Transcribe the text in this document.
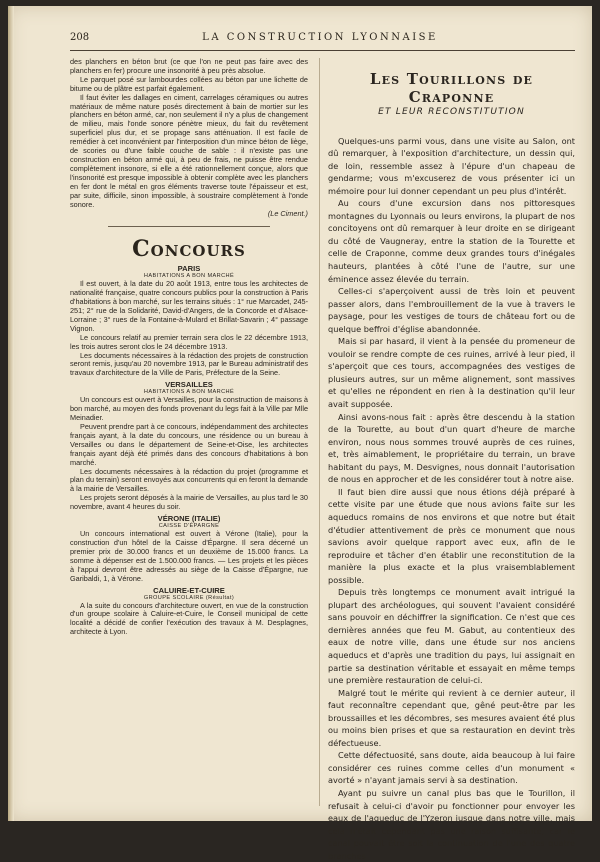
208	LA CONSTRUCTION LYONNAISE

des planchers en béton brut (ce que l'on ne peut pas faire avec des planchers en fer) procure une insonorité à peu près absolue.

Le parquet posé sur lambourdes collées au béton par une lichette de bitume ou de plâtre est parfait également.

Il faut éviter les dallages en ciment, carrelages céramiques ou autres matériaux de même nature posés directement à bain de mortier sur les planchers en béton armé, car, non seulement il n'y a plus de changement de milieu, mais l'onde sonore pénètre mieux, du fait du revêtement superficiel plus dur, et se propage sans atténuation. Il est facile de remédier à cet inconvénient par l'interposition d'un mince béton de liège, de scories ou d'une faible couche de sable : il n'existe pas une construction en béton armé qui, à peu de frais, ne puisse être rendue complètement insonore, si elle a été rationnellement conçue, alors que l'insonorité est presque impossible à obtenir complète avec les planchers en fer dont le métal en gros éléments traverse toute l'épaisseur et est, par suite, difficile, sinon impossible, à soustraire complètement à l'onde sonore.

(Le Ciment.)
Concours
PARIS
HABITATIONS A BON MARCHÉ

Il est ouvert, à la date du 20 août 1913, entre tous les architectes de nationalité française, quatre concours publics pour la construction à Paris d'habitations à bon marché, sur les terrains situés : 1° rue Marcadet, 245-251; 2° rue de la Solidarité, David-d'Angers, de la Concorde et d'Alsace-Lorraine ; 3° rues de la Fontaine-à-Mulard et Brillat-Savarin ; 4° passage Vignon.

Le concours relatif au premier terrain sera clos le 22 décembre 1913, les trois autres seront clos le 24 décembre 1913.

Les documents nécessaires à la rédaction des projets de construction seront remis, jusqu'au 20 novembre 1913, par le Bureau administratif des travaux d'architecture de la Ville de Paris, Préfecture de la Seine.

VERSAILLES
HABITATIONS A BON MARCHÉ

Un concours est ouvert à Versailles, pour la construction de maisons à bon marché, au moyen des fonds provenant du legs fait à la Ville par Mlle Meinadier.

Peuvent prendre part à ce concours, indépendamment des architectes français ayant, à la date du concours, une résidence ou un bureau à Versailles ou dans le département de Seine-et-Oise, les architectes français ayant déjà été primés dans des concours d'habitations à bon marché.

Les documents nécessaires à la rédaction du projet (programme et plan du terrain) seront envoyés aux concurrents qui en feront la demande à la mairie de Versailles.

Les projets seront déposés à la mairie de Versailles, au plus tard le 30 novembre, avant 4 heures du soir.

VÉRONE (ITALIE)
CAISSE D'ÉPARGNE

Un concours international est ouvert à Vérone (Italie), pour la construction d'un hôtel de la Caisse d'Épargne. Il sera décerné un premier prix de 30.000 francs et un deuxième de 15.000 francs. La somme à dépenser est de 1.500.000 francs. — Les projets et les pièces à l'appui devront être adressés au siège de la Caisse d'Épargne, rue Garibaldi, 1, à Vérone.

CALUIRE-ET-CUIRE
GROUPE SCOLAIRE (Résultat)

A la suite du concours d'architecture ouvert, en vue de la construction d'un groupe scolaire à Caluire-et-Cuire, le Conseil municipal de cette localité a décidé de confier l'exécution des travaux à M. Desplagnes, architecte à Lyon.

Les Tourillons de Craponne

ET LEUR RECONSTITUTION

Quelques-uns parmi vous, dans une visite au Salon, ont dû remarquer, à l'exposition d'architecture, un dessin qui, de loin, ressemble assez à l'épure d'un chapeau de gendarme; vous m'excuserez de vous présenter ici un mémoire pour lui donner cependant un peu plus d'intérêt.

Au cours d'une excursion dans nos pittoresques montagnes du Lyonnais ou leurs environs, la plupart de nos concitoyens ont dû remarquer à leur droite en se dirigeant du côté de Vaugneray, entre la station de la Tourette et celle de Craponne, comme deux grandes tours d'inégales hauteurs, plantées à côté l'une de l'autre, sur une éminence assez élevée du terrain.

Celles-ci s'aperçoivent aussi de très loin et peuvent passer alors, dans l'embrouillement de la vue à travers le paysage, pour les vestiges de tours de château fort ou de quelque beffroi d'église abandonnée.

Mais si par hasard, il vient à la pensée du promeneur de vouloir se rendre compte de ces ruines, arrivé à leur pied, il s'aperçoit que ces tours, accompagnées des vestiges de plusieurs autres, sur un même alignement, sont massives et qu'elles ne répondent en rien à la destination qu'il leur avait supposée.

Ainsi avons-nous fait : après être descendu à la station de la Tourette, au bout d'un quart d'heure de marche environ, nous nous sommes trouvé auprès de ces ruines, et, très aimablement, le propriétaire du terrain, un brave habitant du pays, M. Desvignes, nous donnait l'autorisation de nous en approcher et de les considérer tout à notre aise.

Il faut bien dire aussi que nous étions déjà préparé à cette visite par une étude que nous avions faite sur les aqueducs romains de nos environs et que notre but était d'étudier attentivement de près ce monument que nous savions avoir quelque rapport avec eux, afin de le reproduire et tâcher d'en établir une reconstitution de la manière la plus exacte et la plus vraisemblablement possible.

Depuis très longtemps ce monument avait intrigué la plupart des archéologues, qui souvent l'avaient considéré sans pouvoir en déchiffrer la signification. Ce n'est que ces dernières années que feu M. Gabut, au contentieux des eaux de notre ville, dans une étude sur nos anciens aqueducs et d'après une tradition du pays, lui assignait en partie sa destination véritable et essayait en même temps une première restauration de celui-ci.

Malgré tout le mérite qui revient à ce dernier auteur, il faut reconnaître cependant que, gêné peut-être par les broussailles et les décombres, ses mesures avaient été plus ou moins bien prises et que sa restauration en devint très défectueuse.

Cette défectuosité, sans doute, aida beaucoup à lui faire considérer ces ruines comme celles d'un monument « avorté » n'ayant jamais servi à sa destination.

Ayant pu suivre un canal plus bas que le Tourillon, il refusait à celui-ci d'avoir pu fonctionner pour envoyer les eaux de l'aqueduc de l'Yzeron jusque dans notre ville, mais cela n'était cependant pas une raison suffisante, car le canal pouvait être soit la continuation de l'une des quatre branches
